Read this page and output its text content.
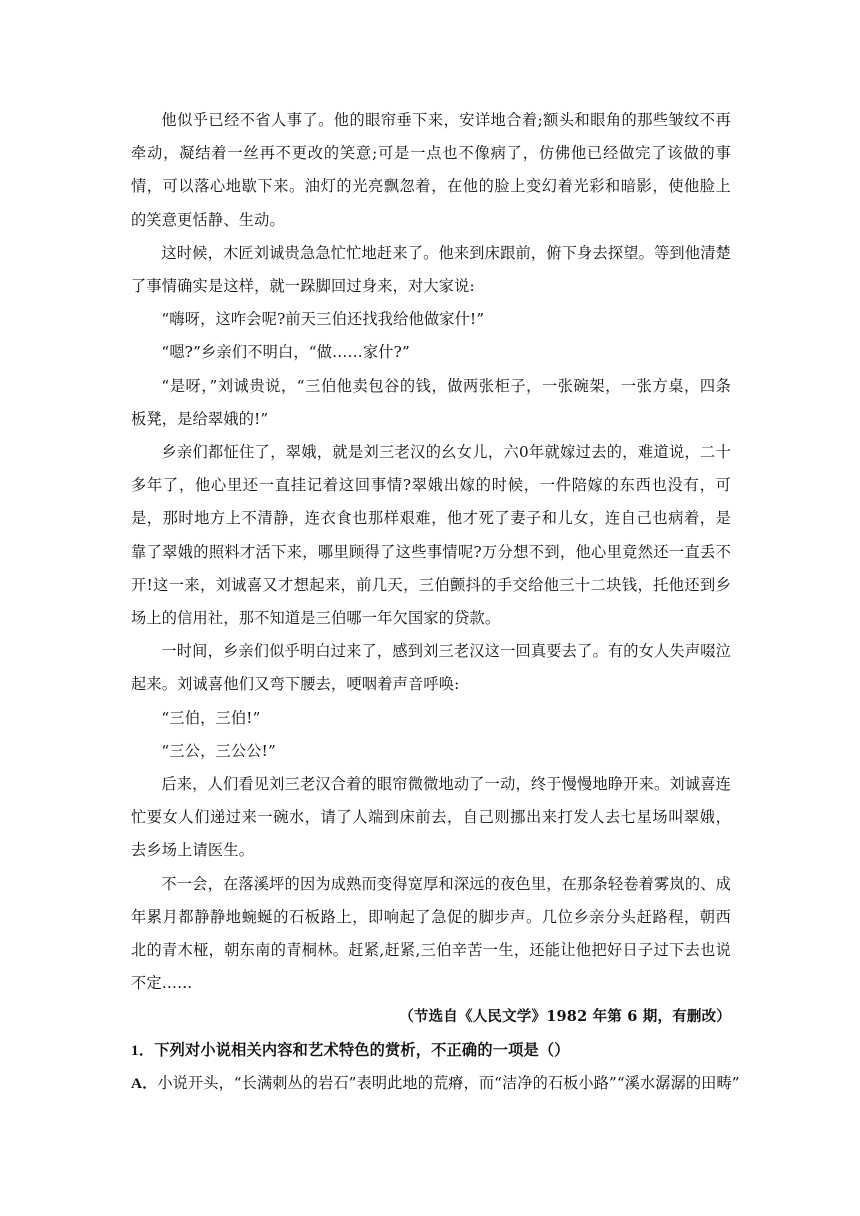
他似乎已经不省人事了。他的眼帘垂下来，安详地合着;额头和眼角的那些皱纹不再牵动，凝结着一丝再不更改的笑意;可是一点也不像病了，仿佛他已经做完了该做的事情，可以落心地歇下来。油灯的光亮飘忽着，在他的脸上变幻着光彩和暗影，使他脸上的笑意更恬静、生动。

这时候，木匠刘诚贵急急忙忙地赶来了。他来到床跟前，俯下身去探望。等到他清楚了事情确实是这样，就一跺脚回过身来，对大家说:

“嗨呀，这咋会呢?前天三伯还找我给他做家什!”

“嗯?”乡亲们不明白，“做……家什?”

“是呀，”刘诚贵说，“三伯他卖包谷的钱，做两张柜子，一张碗架，一张方桌，四条板凳，是给翠娥的!”

乡亲们都怔住了，翠娥，就是刘三老汉的幺女儿，六0年就嫁过去的，难道说，二十多年了，他心里还一直挂记着这回事情?翠娥出嫁的时候，一件陪嫁的东西也没有，可是，那时地方上不清静，连衣食也那样艰难，他才死了妻子和儿女，连自己也病着，是靠了翠娥的照料才活下来，哪里顾得了这些事情呢?万分想不到，他心里竟然还一直丢不开!这一来，刘诚喜又才想起来，前几天，三伯颤抖的手交给他三十二块钱，托他还到乡场上的信用社，那不知道是三伯哪一年欠国家的贷款。

一时间，乡亲们似乎明白过来了，感到刘三老汉这一回真要去了。有的女人失声啜泣起来。刘诚喜他们又弯下腰去，哽咽着声音呼唤:

“三伯，三伯!”

“三公，三公公!”

后来，人们看见刘三老汉合着的眼帘微微地动了一动，终于慢慢地睁开来。刘诚喜连忙要女人们递过来一碗水，请了人端到床前去，自己则挪出来打发人去七星场叫翠娥，去乡场上请医生。

不一会，在落溪坪的因为成熟而变得宽厚和深远的夜色里，在那条轻卷着雾岚的、成年累月都静静地蜿蜒的石板路上，即响起了急促的脚步声。几位乡亲分头赶路程，朝西北的青木桠，朝东南的青桐林。赶紧,赶紧,三伯辛苦一生，还能让他把好日子过下去也说不定……

（节选自《人民文学》1982 年第 6 期，有删改）

1．下列对小说相关内容和艺术特色的赏析，不正确的一项是（）

A．小说开头，“长满刺丛的岩石”表明此地的荒瘠，而“洁净的石板小路”“溪水潺潺的田畴”
